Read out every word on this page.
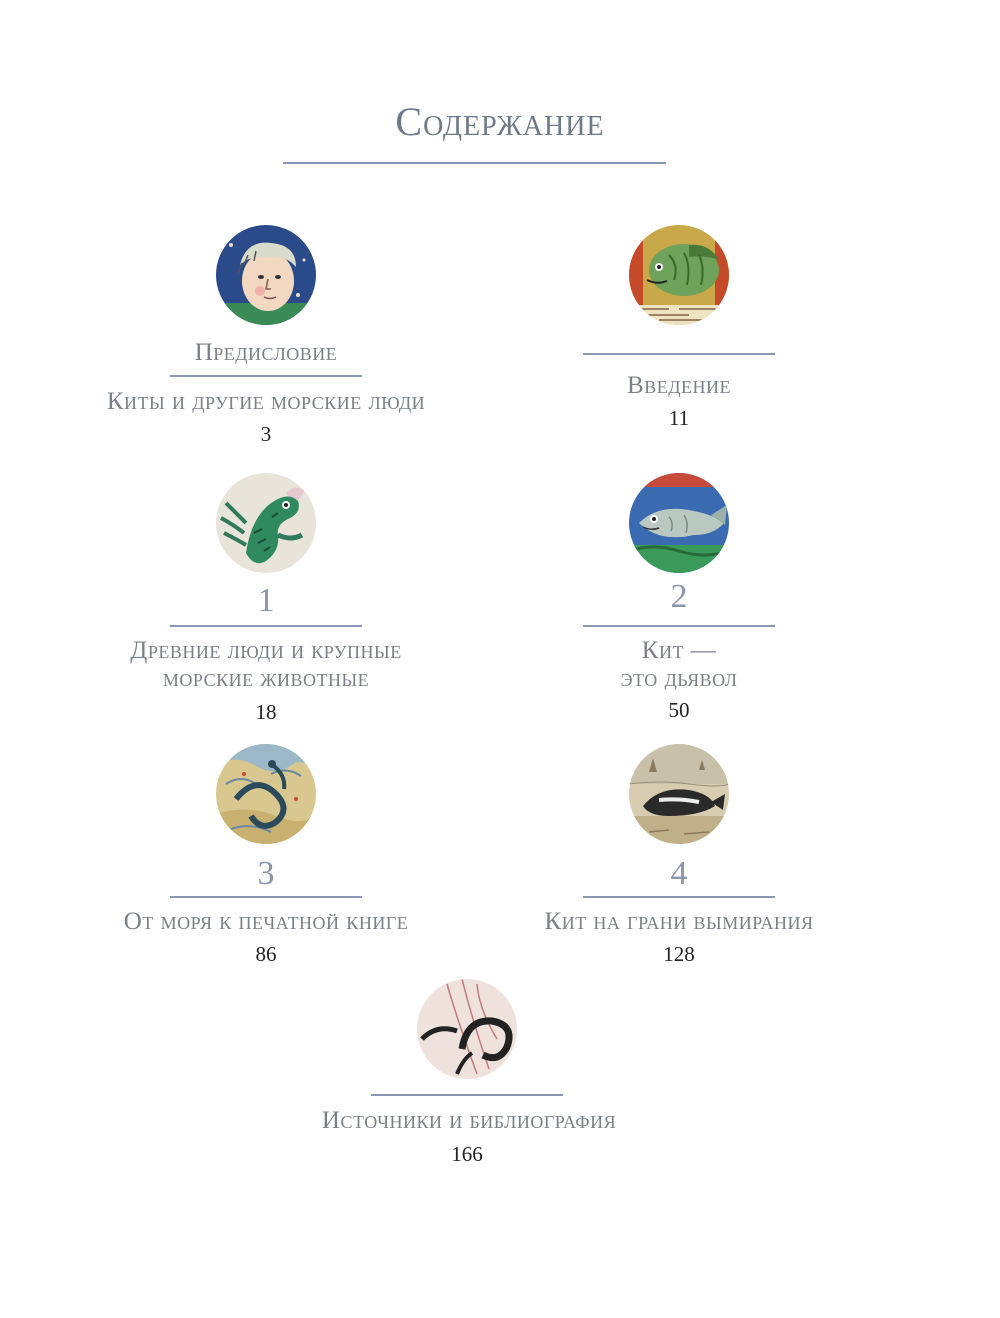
Содержание
Предисловие
Киты и другие морские люди
3
Введение
11
1
Древние люди и крупные
морские животные
18
2
Кит —
это дьявол
50
3
От моря к печатной книге
86
4
Кит на грани вымирания
128
Источники и библиография
166
